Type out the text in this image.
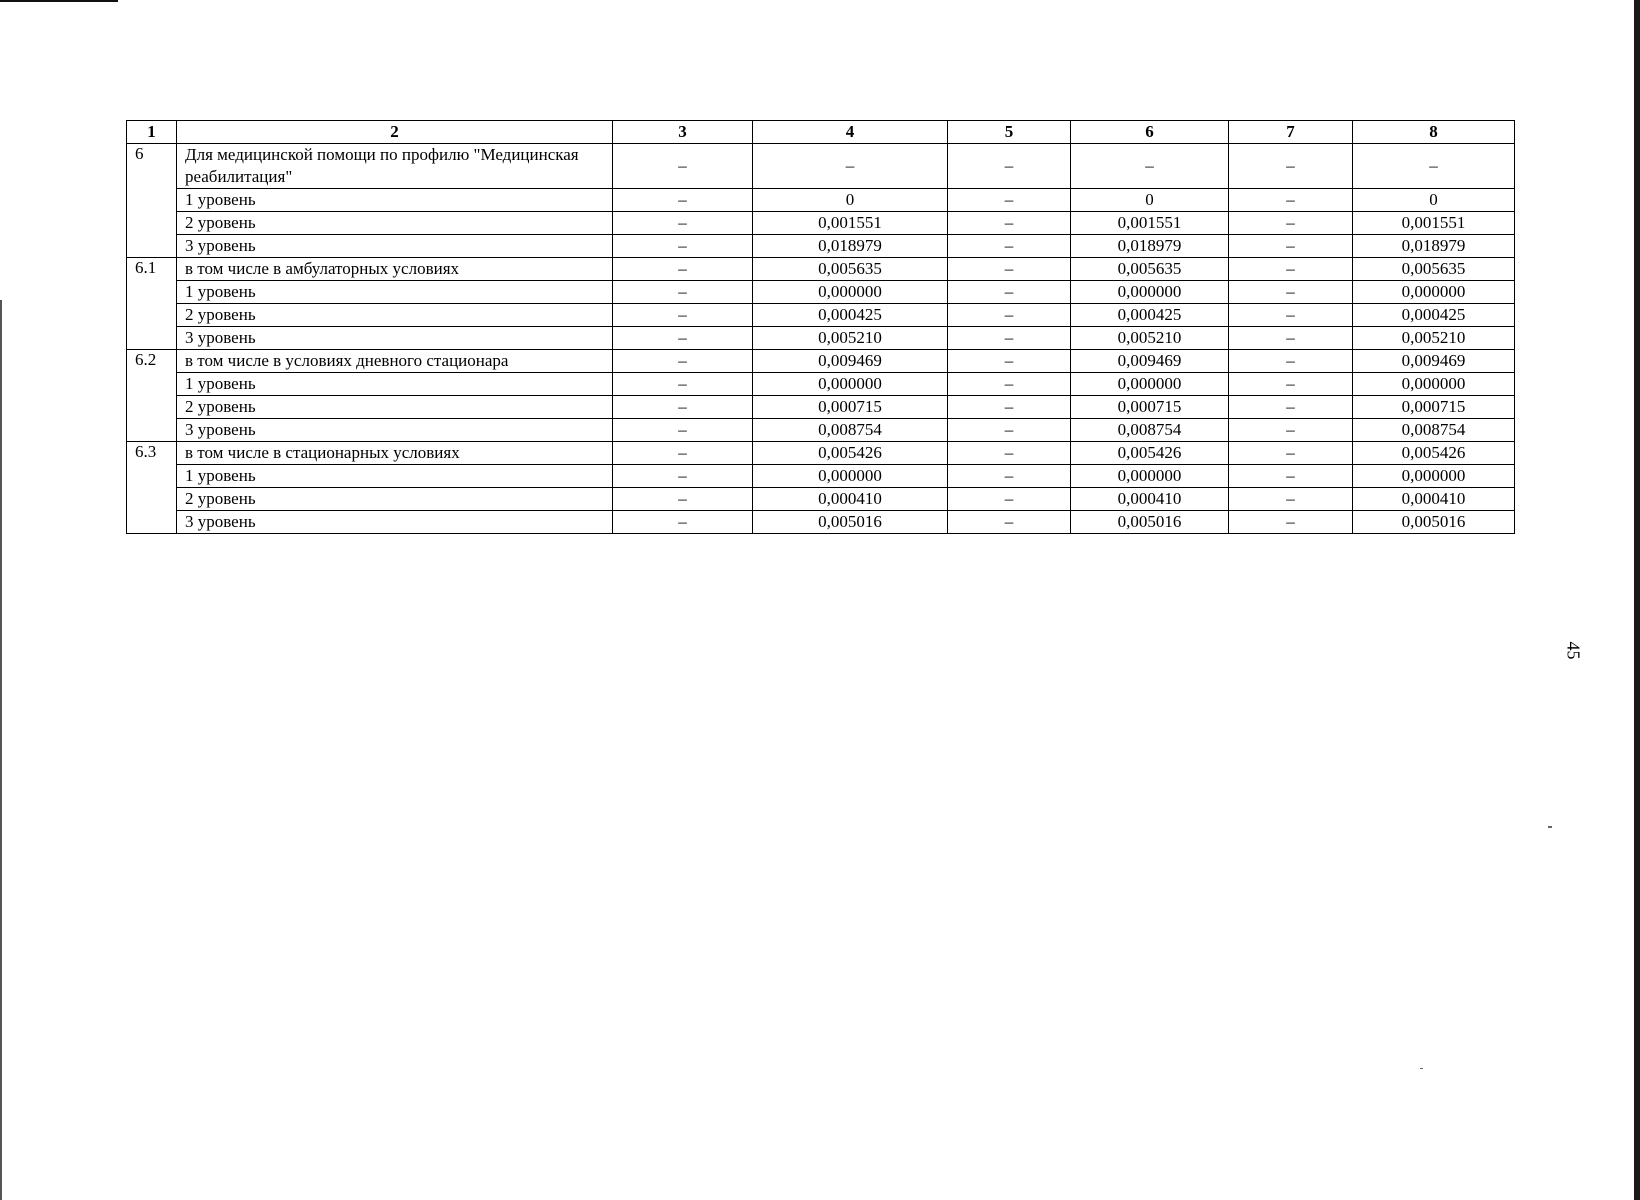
1	2	3	4	5	6	7	8
6	Для медицинской помощи по профилю "Медицинская реабилитация"	–	–	–	–	–	–
	1 уровень	–	0	–	0	–	0
	2 уровень	–	0,001551	–	0,001551	–	0,001551
	3 уровень	–	0,018979	–	0,018979	–	0,018979
6.1	в том числе в амбулаторных условиях	–	0,005635	–	0,005635	–	0,005635
	1 уровень	–	0,000000	–	0,000000	–	0,000000
	2 уровень	–	0,000425	–	0,000425	–	0,000425
	3 уровень	–	0,005210	–	0,005210	–	0,005210
6.2	в том числе в условиях дневного стационара	–	0,009469	–	0,009469	–	0,009469
	1 уровень	–	0,000000	–	0,000000	–	0,000000
	2 уровень	–	0,000715	–	0,000715	–	0,000715
	3 уровень	–	0,008754	–	0,008754	–	0,008754
6.3	в том числе в стационарных условиях	–	0,005426	–	0,005426	–	0,005426
	1 уровень	–	0,000000	–	0,000000	–	0,000000
	2 уровень	–	0,000410	–	0,000410	–	0,000410
	3 уровень	–	0,005016	–	0,005016	–	0,005016
45
